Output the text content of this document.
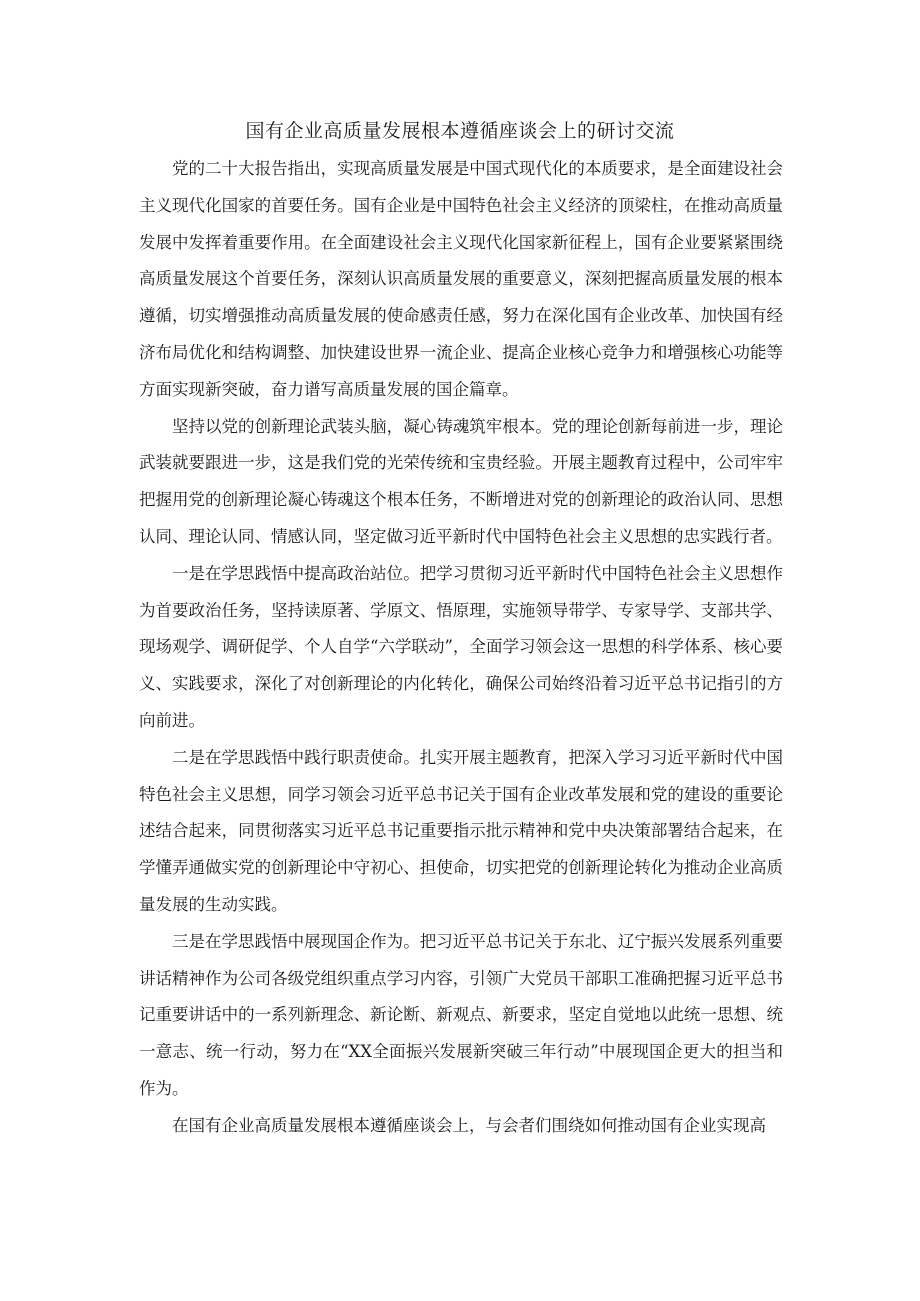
国有企业高质量发展根本遵循座谈会上的研讨交流

党的二十大报告指出，实现高质量发展是中国式现代化的本质要求，是全面建设社会主义现代化国家的首要任务。国有企业是中国特色社会主义经济的顶梁柱，在推动高质量发展中发挥着重要作用。在全面建设社会主义现代化国家新征程上，国有企业要紧紧围绕高质量发展这个首要任务，深刻认识高质量发展的重要意义，深刻把握高质量发展的根本遵循，切实增强推动高质量发展的使命感责任感，努力在深化国有企业改革、加快国有经济布局优化和结构调整、加快建设世界一流企业、提高企业核心竞争力和增强核心功能等方面实现新突破，奋力谱写高质量发展的国企篇章。

坚持以党的创新理论武装头脑，凝心铸魂筑牢根本。党的理论创新每前进一步，理论武装就要跟进一步，这是我们党的光荣传统和宝贵经验。开展主题教育过程中，公司牢牢把握用党的创新理论凝心铸魂这个根本任务，不断增进对党的创新理论的政治认同、思想认同、理论认同、情感认同，坚定做习近平新时代中国特色社会主义思想的忠实践行者。

一是在学思践悟中提高政治站位。把学习贯彻习近平新时代中国特色社会主义思想作为首要政治任务，坚持读原著、学原文、悟原理，实施领导带学、专家导学、支部共学、现场观学、调研促学、个人自学“六学联动”，全面学习领会这一思想的科学体系、核心要义、实践要求，深化了对创新理论的内化转化，确保公司始终沿着习近平总书记指引的方向前进。

二是在学思践悟中践行职责使命。扎实开展主题教育，把深入学习习近平新时代中国特色社会主义思想，同学习领会习近平总书记关于国有企业改革发展和党的建设的重要论述结合起来，同贯彻落实习近平总书记重要指示批示精神和党中央决策部署结合起来，在学懂弄通做实党的创新理论中守初心、担使命，切实把党的创新理论转化为推动企业高质量发展的生动实践。

三是在学思践悟中展现国企作为。把习近平总书记关于东北、辽宁振兴发展系列重要讲话精神作为公司各级党组织重点学习内容，引领广大党员干部职工准确把握习近平总书记重要讲话中的一系列新理念、新论断、新观点、新要求，坚定自觉地以此统一思想、统一意志、统一行动，努力在“XX全面振兴发展新突破三年行动”中展现国企更大的担当和作为。

在国有企业高质量发展根本遵循座谈会上，与会者们围绕如何推动国有企业实现高
